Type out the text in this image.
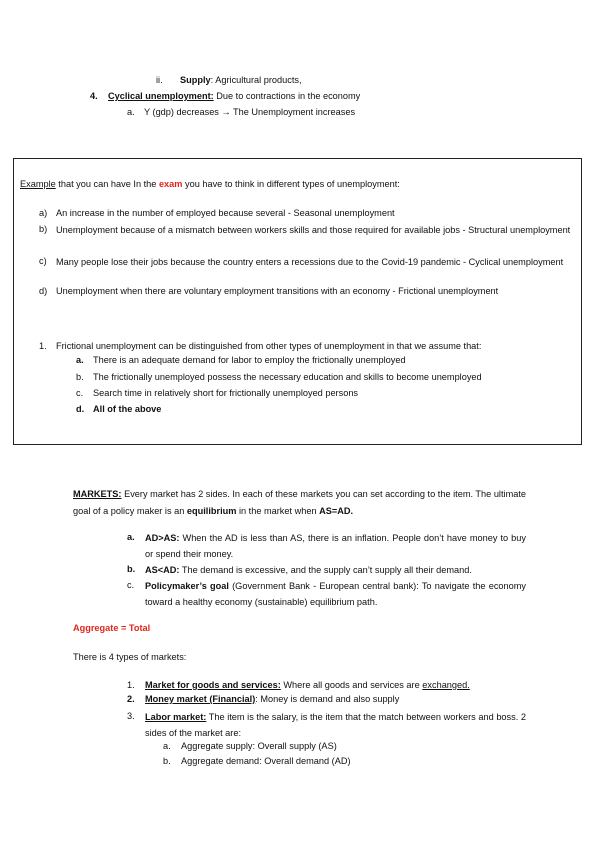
ii. Supply: Agricultural products,
4. Cyclical unemployment: Due to contractions in the economy
a. Y (gdp) decreases → The Unemployment increases
Example that you can have In the exam you have to think in different types of unemployment:
a) An increase in the number of employed because several - Seasonal unemployment
b) Unemployment because of a mismatch between workers skills and those required for available jobs - Structural unemployment
c) Many people lose their jobs because the country enters a recessions due to the Covid-19 pandemic - Cyclical unemployment
d) Unemployment when there are voluntary employment transitions with an economy - Frictional unemployment
1. Frictional unemployment can be distinguished from other types of unemployment in that we assume that:
a. There is an adequate demand for labor to employ the frictionally unemployed
b. The frictionally unemployed possess the necessary education and skills to become unemployed
c. Search time in relatively short for frictionally unemployed persons
d. All of the above
MARKETS: Every market has 2 sides. In each of these markets you can set according to the item. The ultimate goal of a policy maker is an equilibrium in the market when AS=AD.
a. AD>AS: When the AD is less than AS, there is an inflation. People don’t have money to buy or spend their money.
b. AS<AD: The demand is excessive, and the supply can’t supply all their demand.
c. Policymaker’s goal (Government Bank - European central bank): To navigate the economy toward a healthy economy (sustainable) equilibrium path.
Aggregate = Total
There is 4 types of markets:
1. Market for goods and services: Where all goods and services are exchanged.
2. Money market (Financial): Money is demand and also supply
3. Labor market: The item is the salary, is the item that the match between workers and boss. 2 sides of the market are:
a. Aggregate supply: Overall supply (AS)
b. Aggregate demand: Overall demand (AD)
